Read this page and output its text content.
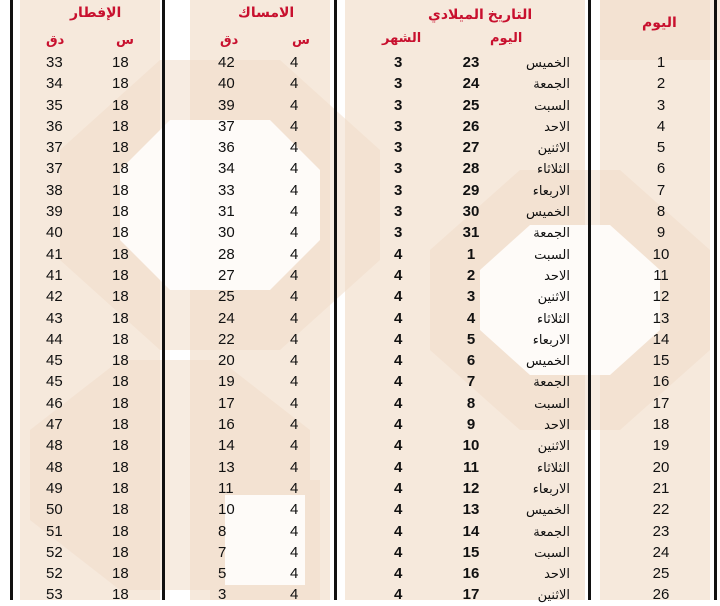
الإفطار	الامساك	التاريخ الميلادي	اليوم
دق	س	دق	س	الشهر	اليوم
33	18	42	4	3	23	الخميس	1
34	18	40	4	3	24	الجمعة	2
35	18	39	4	3	25	السبت	3
36	18	37	4	3	26	الاحد	4
37	18	36	4	3	27	الاثنين	5
37	18	34	4	3	28	الثلاثاء	6
38	18	33	4	3	29	الاربعاء	7
39	18	31	4	3	30	الخميس	8
40	18	30	4	3	31	الجمعة	9
41	18	28	4	4	1	السبت	10
41	18	27	4	4	2	الاحد	11
42	18	25	4	4	3	الاثنين	12
43	18	24	4	4	4	الثلاثاء	13
44	18	22	4	4	5	الاربعاء	14
45	18	20	4	4	6	الخميس	15
45	18	19	4	4	7	الجمعة	16
46	18	17	4	4	8	السبت	17
47	18	16	4	4	9	الاحد	18
48	18	14	4	4	10	الاثنين	19
48	18	13	4	4	11	الثلاثاء	20
49	18	11	4	4	12	الاربعاء	21
50	18	10	4	4	13	الخميس	22
51	18	8	4	4	14	الجمعة	23
52	18	7	4	4	15	السبت	24
52	18	5	4	4	16	الاحد	25
53	18	3	4	4	17	الاثنين	26
